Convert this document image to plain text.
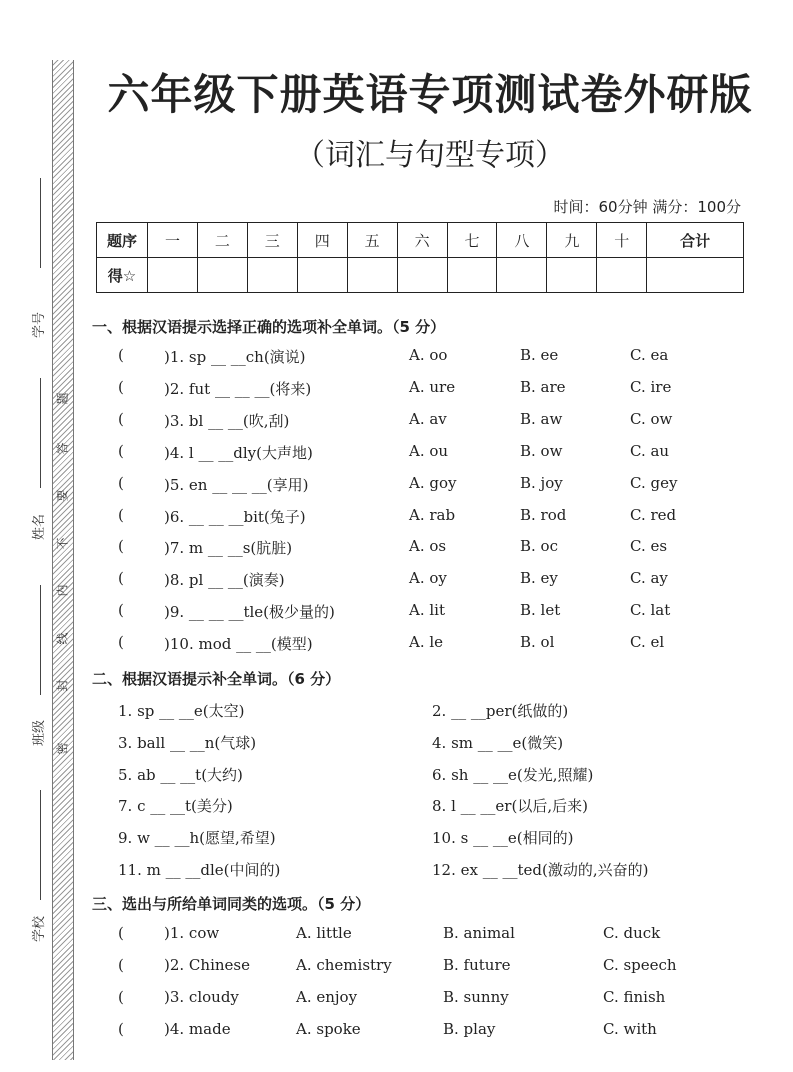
学号
姓名
班级
学校
题
答
要
不
内
线
封
密
六年级下册英语专项测试卷外研版
（词汇与句型专项）
时间：60分钟 满分：100分
题序	一	二	三	四	五	六	七	八	九	十	合计
得☆											
一、根据汉语提示选择正确的选项补全单词。（5 分）
(	)1. sp __ __ch(演说)	A. oo	B. ee	C. ea
(	)2. fut __ __ __(将来)	A. ure	B. are	C. ire
(	)3. bl __ __(吹,刮)	A. av	B. aw	C. ow
(	)4. l __ __dly(大声地)	A. ou	B. ow	C. au
(	)5. en __ __ __(享用)	A. goy	B. joy	C. gey
(	)6. __ __ __bit(兔子)	A. rab	B. rod	C. red
(	)7. m __ __s(肮脏)	A. os	B. oc	C. es
(	)8. pl __ __(演奏)	A. oy	B. ey	C. ay
(	)9. __ __ __tle(极少量的)	A. lit	B. let	C. lat
(	)10. mod __ __(模型)	A. le	B. ol	C. el
二、根据汉语提示补全单词。（6 分）
1. sp __ __e(太空)	2. __ __per(纸做的)
3. ball __ __n(气球)	4. sm __ __e(微笑)
5. ab __ __t(大约)	6. sh __ __e(发光,照耀)
7. c __ __t(美分)	8. l __ __er(以后,后来)
9. w __ __h(愿望,希望)	10. s __ __e(相同的)
11. m __ __dle(中间的)	12. ex __ __ted(激动的,兴奋的)
三、选出与所给单词同类的选项。（5 分）
(	)1. cow	A. little	B. animal	C. duck
(	)2. Chinese	A. chemistry	B. future	C. speech
(	)3. cloudy	A. enjoy	B. sunny	C. finish
(	)4. made	A. spoke	B. play	C. with
